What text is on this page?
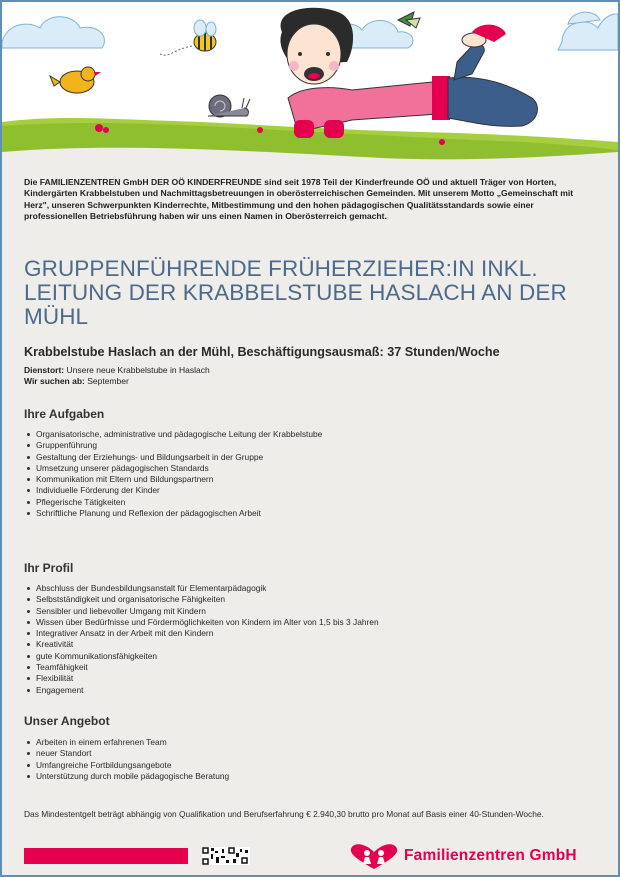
Die FAMILIENZENTREN GmbH DER OÖ KINDERFREUNDE sind seit 1978 Teil der Kinderfreunde OÖ und aktuell Träger von Horten, Kindergärten Krabbelstuben und Nachmittagsbetreuungen in oberösterreichischen Gemeinden. Mit unserem Motto „Gemeinschaft mit Herz", unseren Schwerpunkten Kinderrechte, Mitbestimmung und den hohen pädagogischen Qualitätsstandards sowie einer professionellen Betriebsführung haben wir uns einen Namen in Oberösterreich gemacht.

GRUPPENFÜHRENDE FRÜHERZIEHER:IN INKL. LEITUNG DER KRABBELSTUBE HASLACH AN DER MÜHL

Krabbelstube Haslach an der Mühl, Beschäftigungsausmaß: 37 Stunden/Woche

Dienstort: Unsere neue Krabbelstube in Haslach
Wir suchen ab: September
Ihre Aufgaben
Organisatorische, administrative und pädagogische Leitung der Krabbelstube
Gruppenführung
Gestaltung der Erziehungs- und Bildungsarbeit in der Gruppe
Umsetzung unserer pädagogischen Standards
Kommunikation mit Eltern und Bildungspartnern
Individuelle Förderung der Kinder
Pflegerische Tätigkeiten
Schriftliche Planung und Reflexion der pädagogischen Arbeit
Ihr Profil
Abschluss der Bundesbildungsanstalt für Elementarpädagogik
Selbstständigkeit und organisatorische Fähigkeiten
Sensibler und liebevoller Umgang mit Kindern
Wissen über Bedürfnisse und Fördermöglichkeiten von Kindern im Alter von 1,5 bis 3 Jahren
Integrativer Ansatz in der Arbeit mit den Kindern
Kreativität
gute Kommunikationsfähigkeiten
Teamfähigkeit
Flexibilität
Engagement
Unser Angebot
Arbeiten in einem erfahrenen Team
neuer Standort
Umfangreiche Fortbildungsangebote
Unterstützung durch mobile pädagogische Beratung

Das Mindestentgelt beträgt abhängig von Qualifikation und Berufserfahrung € 2.940,30 brutto pro Monat auf Basis einer 40-Stunden-Woche.

Familienzentren GmbH
